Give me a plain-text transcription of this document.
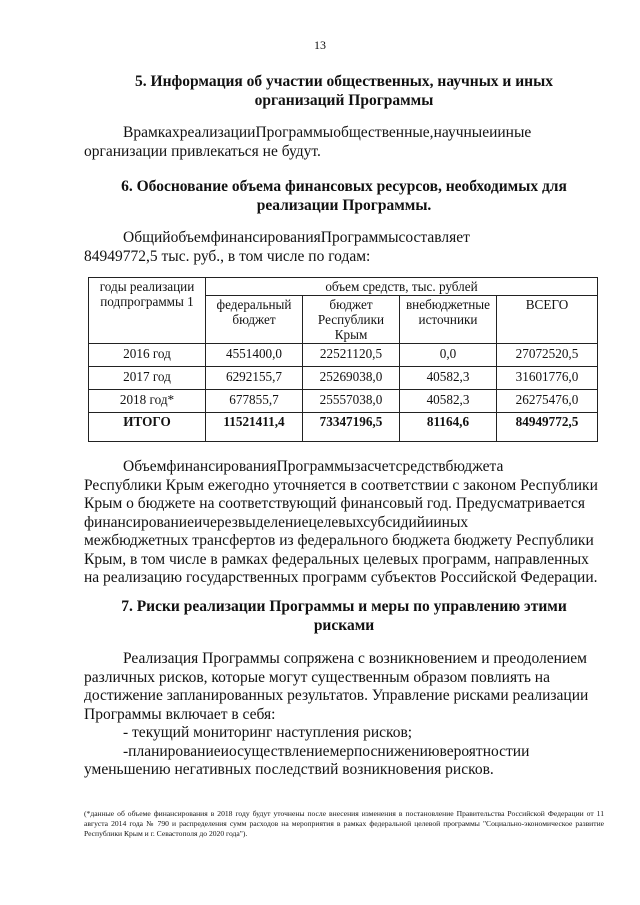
13
5. Информация об участии общественных, научных и иных
организаций Программы
ВрамкахреализацииПрограммыобщественные,научныеииные
организации привлекаться не будут.
6. Обоснование объема финансовых ресурсов, необходимых для
реализации Программы.
ОбщийобъемфинансированияПрограммысоставляет
84949772,5 тыс. руб., в том числе по годам:
годы реализации подпрограммы 1	объем средств, тыс. рублей			
	федеральный бюджет	бюджет Республики Крым	внебюджетные источники	ВСЕГО
2016 год	4551400,0	22521120,5	0,0	27072520,5
2017 год	6292155,7	25269038,0	40582,3	31601776,0
2018 год*	677855,7	25557038,0	40582,3	26275476,0
ИТОГО	11521411,4	73347196,5	81164,6	84949772,5
ОбъемфинансированияПрограммызасчетсредствбюджета
Республики Крым ежегодно уточняется в соответствии с законом Республики
Крым о бюджете на соответствующий финансовый год. Предусматривается
финансированиеичерезвыделениецелевыхсубсидийииных
межбюджетных трансфертов из федерального бюджета бюджету Республики
Крым, в том числе в рамках федеральных целевых программ, направленных
на реализацию государственных программ субъектов Российской Федерации.
7. Риски реализации Программы и меры по управлению этими
рисками
Реализация Программы сопряжена с возникновением и преодолением
различных рисков, которые могут существенным образом повлиять на
достижение запланированных результатов. Управление рисками реализации
Программы включает в себя:
- текущий мониторинг наступления рисков;
-планированиеиосуществлениемерпоснижениювероятностии
уменьшению негативных последствий возникновения рисков.
(*данные об объеме финансирования в 2018 году будут уточнены после внесения изменения в постановление Правительства Российской Федерации от 11 августа 2014 года № 790 и распределения сумм расходов на мероприятия в рамках федеральной целевой программы "Социально-экономическое развитие Республики Крым и г. Севастополя до 2020 года").
